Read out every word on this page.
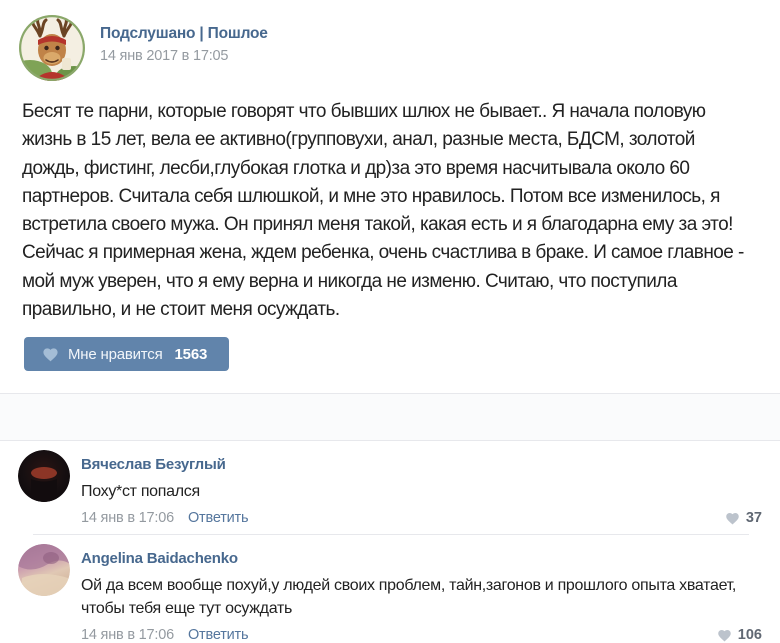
Подслушано | Пошлое
14 янв 2017 в 17:05
Бесят те парни, которые говорят что бывших шлюх не бывает.. Я начала половую жизнь в 15 лет, вела ее активно(групповухи, анал, разные места, БДСМ, золотой дождь, фистинг, лесби,глубокая глотка и др)за это время насчитывала около 60 партнеров. Считала себя шлюшкой, и мне это нравилось. Потом все изменилось, я встретила своего мужа. Он принял меня такой, какая есть и я благодарна ему за это! Сейчас я примерная жена, ждем ребенка, очень счастлива в браке. И самое главное - мой муж уверен, что я ему верна и никогда не изменю. Считаю, что поступила правильно, и не стоит меня осуждать.
Мне нравится 1563
Вячеслав Безуглый
Поху*ст попался
14 янв в 17:06 Ответить	37
Angelina Baidachenko
Ой да всем вообще похуй,у людей своих проблем, тайн,загонов и прошлого опыта хватает, чтобы тебя еще тут осуждать
14 янв в 17:06 Ответить	106
